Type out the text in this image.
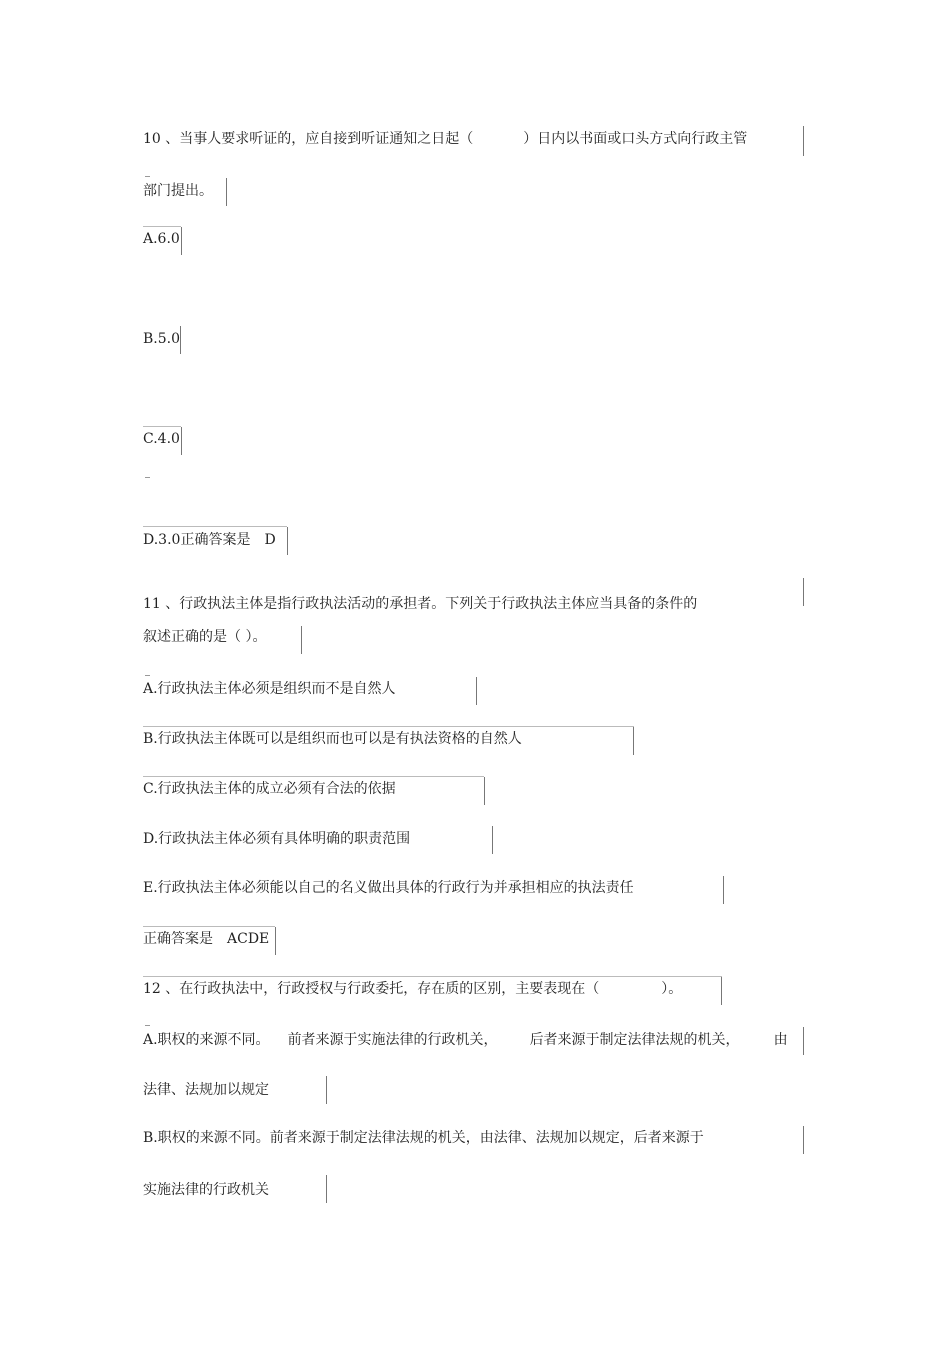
10 、当事人要求听证的，应自接到听证通知之日起（	）日内以书面或口头方式向行政主管
部门提出。
A.6.0
B.5.0
C.4.0
D.3.0正确答案是 D
11 、行政执法主体是指行政执法活动的承担者。下列关于行政执法主体应当具备的条件的
叙述正确的是（ ）。
A.行政执法主体必须是组织而不是自然人
B.行政执法主体既可以是组织而也可以是有执法资格的自然人
C.行政执法主体的成立必须有合法的依据
D.行政执法主体必须有具体明确的职责范围
E.行政执法主体必须能以自己的名义做出具体的行政行为并承担相应的执法责任
正确答案是 ACDE
12 、在行政执法中，行政授权与行政委托，存在质的区别，主要表现在（	）。
A.职权的来源不同。 前者来源于实施法律的行政机关， 后者来源于制定法律法规的机关， 由
法律、法规加以规定
B.职权的来源不同。前者来源于制定法律法规的机关，由法律、法规加以规定，后者来源于
实施法律的行政机关
